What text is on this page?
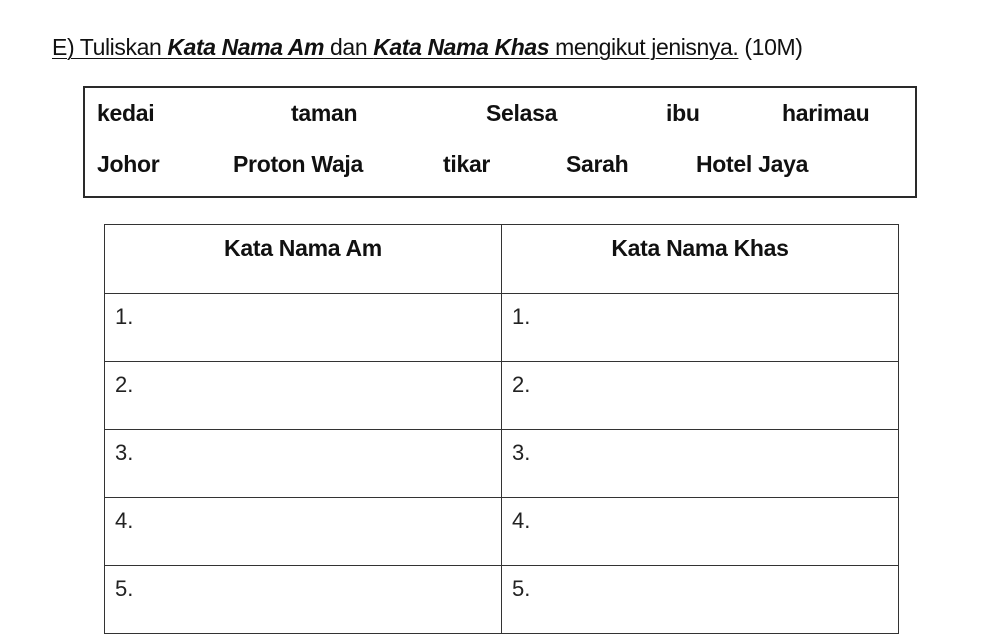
E) Tuliskan Kata Nama Am dan Kata Nama Khas mengikut jenisnya. (10M)
kedai	taman	Selasa	ibu	harimau
Johor	Proton Waja	tikar	Sarah	Hotel Jaya
Kata Nama Am	Kata Nama Khas
1.	1.
2.	2.
3.	3.
4.	4.
5.	5.
